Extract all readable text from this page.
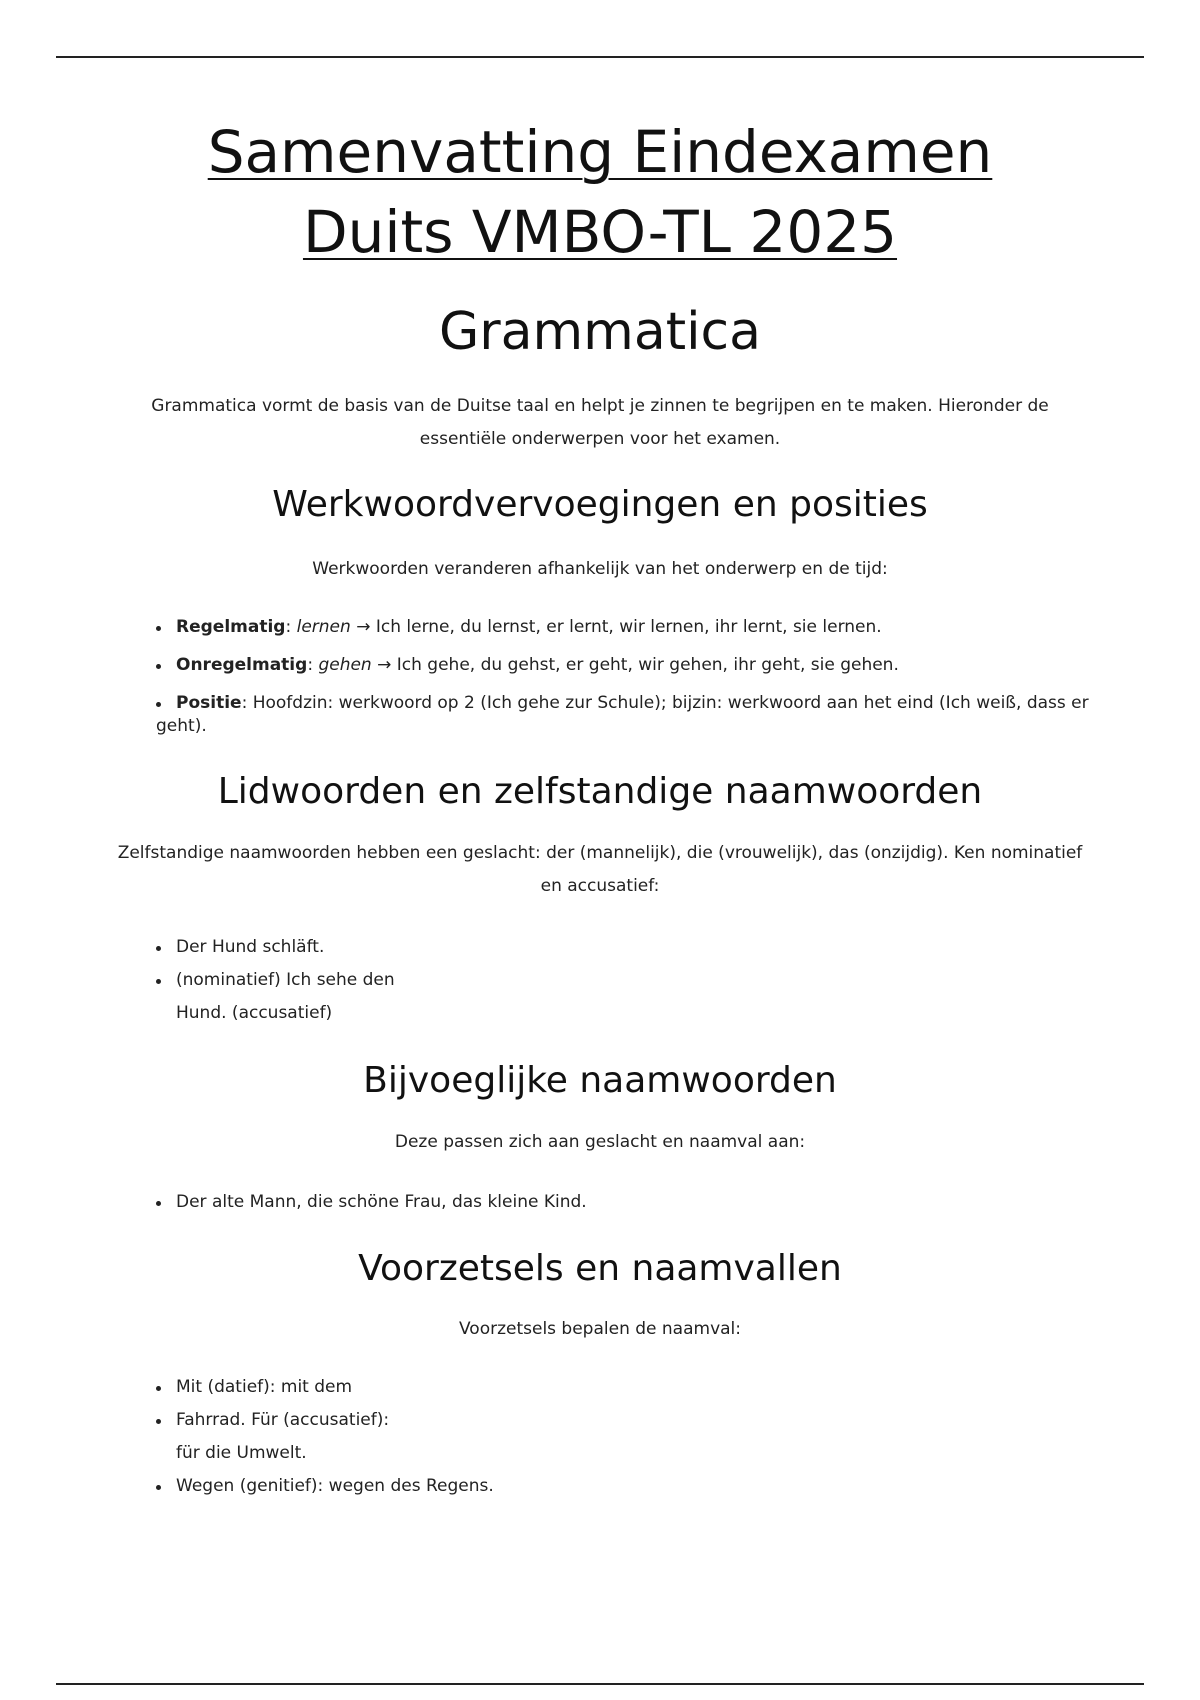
Samenvatting Eindexamen
Duits VMBO-TL 2025
Grammatica

Grammatica vormt de basis van de Duitse taal en helpt je zinnen te begrijpen en te maken. Hieronder de essentiële onderwerpen voor het examen.

Werkwoordvervoegingen en posities

Werkwoorden veranderen afhankelijk van het onderwerp en de tijd:

Regelmatig: lernen → Ich lerne, du lernst, er lernt, wir lernen, ihr lernt, sie lernen.
Onregelmatig: gehen → Ich gehe, du gehst, er geht, wir gehen, ihr geht, sie gehen.
Positie: Hoofdzin: werkwoord op 2 (Ich gehe zur Schule); bijzin: werkwoord aan het eind (Ich weiß, dass er geht).
Lidwoorden en zelfstandige naamwoorden

Zelfstandige naamwoorden hebben een geslacht: der (mannelijk), die (vrouwelijk), das (onzijdig). Ken nominatief en accusatief:

Der Hund schläft.
(nominatief) Ich sehe den
Hund. (accusatief)
Bijvoeglijke naamwoorden

Deze passen zich aan geslacht en naamval aan:

Der alte Mann, die schöne Frau, das kleine Kind.
Voorzetsels en naamvallen

Voorzetsels bepalen de naamval:

Mit (datief): mit dem
Fahrrad. Für (accusatief):
für die Umwelt.
Wegen (genitief): wegen des Regens.
